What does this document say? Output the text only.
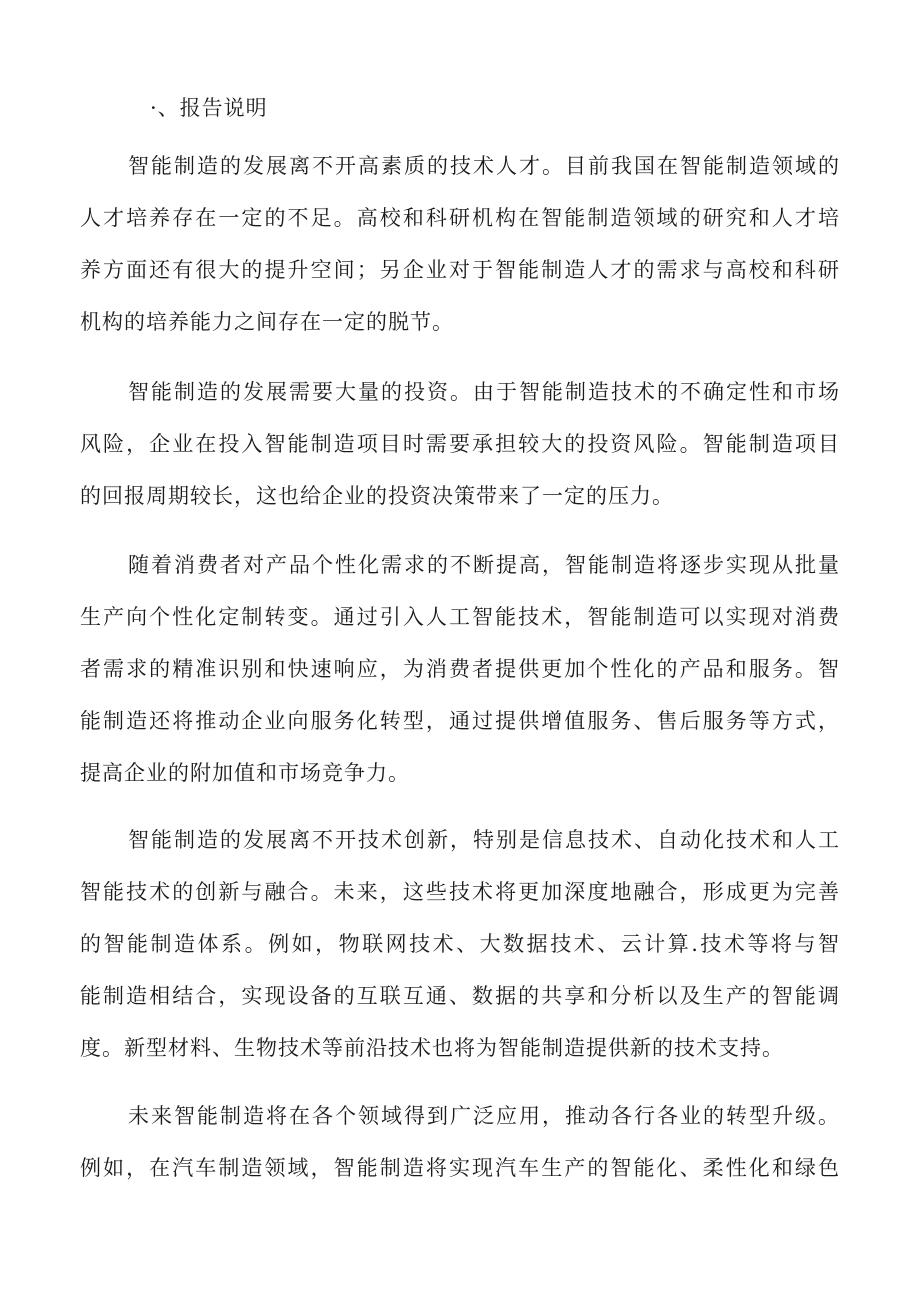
·、报告说明
智能制造的发展离不开高素质的技术人才。目前我国在智能制造领域的
人才培养存在一定的不足。高校和科研机构在智能制造领域的研究和人才培
养方面还有很大的提升空间；另企业对于智能制造人才的需求与高校和科研
机构的培养能力之间存在一定的脱节。
智能制造的发展需要大量的投资。由于智能制造技术的不确定性和市场
风险，企业在投入智能制造项目时需要承担较大的投资风险。智能制造项目
的回报周期较长，这也给企业的投资决策带来了一定的压力。
随着消费者对产品个性化需求的不断提高，智能制造将逐步实现从批量
生产向个性化定制转变。通过引入人工智能技术，智能制造可以实现对消费
者需求的精准识别和快速响应，为消费者提供更加个性化的产品和服务。智
能制造还将推动企业向服务化转型，通过提供增值服务、售后服务等方式，
提高企业的附加值和市场竞争力。
智能制造的发展离不开技术创新，特别是信息技术、自动化技术和人工
智能技术的创新与融合。未来，这些技术将更加深度地融合，形成更为完善
的智能制造体系。例如，物联网技术、大数据技术、云计算.技术等将与智
能制造相结合，实现设备的互联互通、数据的共享和分析以及生产的智能调
度。新型材料、生物技术等前沿技术也将为智能制造提供新的技术支持。
未来智能制造将在各个领域得到广泛应用，推动各行各业的转型升级。
例如，在汽车制造领域，智能制造将实现汽车生产的智能化、柔性化和绿色
